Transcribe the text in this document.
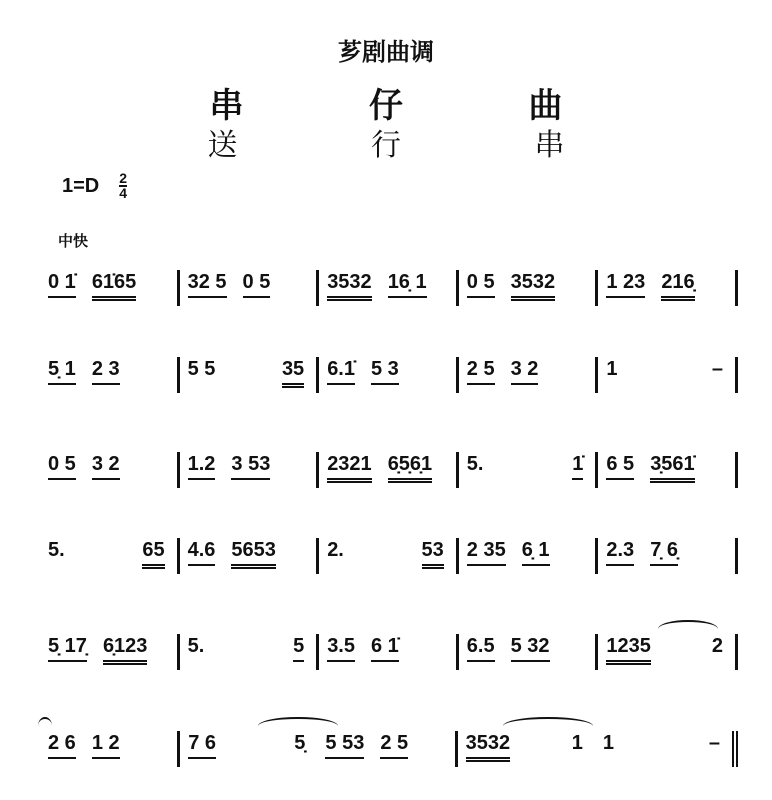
芗剧曲调
串 仔 曲
送 行 串
$1=D \frac{2}{4}$
中快
0 1̇ 61̇65	32 5 0 5	3532 16̣ 1 0 5 3532	1 23 216̣
5̣ 1 2 3	5 5	35 6.1̇ 5 3	2 5 3 2	1	–
0 5 3 2	1.2 3 53	2321 6̣5̣6̣1 5.	1̇ 6 5 3̣561̇
5.	65 4.6 5653	2.	53 2 35 6̣ 1	2.3 7̣ 6̣
5̣ 17̣ 6̣123 5.	5 3.5 6 1̇	6.5 5 32	1235	2
2 6 1 2	7 6	5̣ 5 53 2 5	3532	1 1	–
